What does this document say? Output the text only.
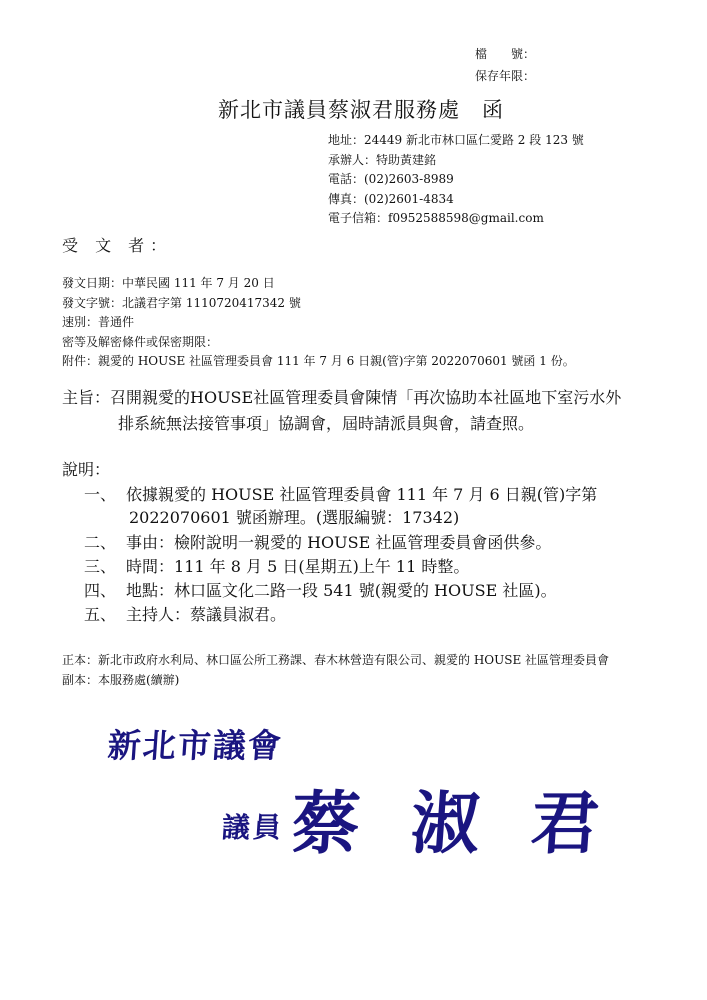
檔　　號：
保存年限：
新北市議員蔡淑君服務處　函
地址：24449 新北市林口區仁愛路 2 段 123 號
承辦人：特助黃建銘
電話：(02)2603-8989
傳真：(02)2601-4834
電子信箱：f0952588598@gmail.com
受 文 者：
發文日期：中華民國 111 年 7 月 20 日
發文字號：北議君字第 1110720417342 號
速別：普通件
密等及解密條件或保密期限：
附件：親愛的 HOUSE 社區管理委員會 111 年 7 月 6 日親(管)字第 2022070601 號函 1 份。
主旨：召開親愛的HOUSE社區管理委員會陳情「再次協助本社區地下室污水外
排系統無法接管事項」協調會，屆時請派員與會，請查照。
說明：
一、 依據親愛的 HOUSE 社區管理委員會 111 年 7 月 6 日親(管)字第
2022070601 號函辦理。(選服編號：17342)
二、 事由：檢附說明一親愛的 HOUSE 社區管理委員會函供參。
三、 時間：111 年 8 月 5 日(星期五)上午 11 時整。
四、 地點：林口區文化二路一段 541 號(親愛的 HOUSE 社區)。
五、 主持人：蔡議員淑君。
正本：新北市政府水利局、林口區公所工務課、春木林營造有限公司、親愛的 HOUSE 社區管理委員會
副本：本服務處(續辦)
新北市議會
議員 蔡 淑 君
